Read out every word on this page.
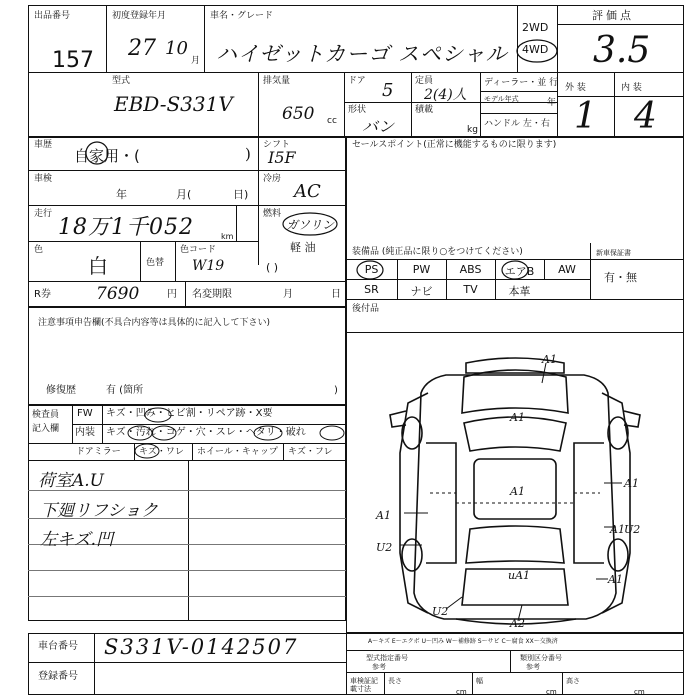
出品番号
157
初度登録年月
27 10
月
車名・グレード
ハイゼットカーゴ スペシャル
2WD
4WD
評価点
3.5
型式
EBD-S331V
排気量
650 cc
ドア 5 定員
2(4)人
ディーラー・並 行
モデル年式	年
形状
バン
積載
kg
ハンドル 左・右
外 装	内 装
1 4
車歴
自家用・(	) シフト
I5F
車検
年	月(	日)
冷房
AC
走行
18万1千052	km
燃料
ガソリン
軽 油
( )
色
白	色替
色コード
W19
R券	7690	円 名変期限	月	日
セールスポイント(正常に機能するものに限ります)
装備品 (純正品に限り○をつけてください)	新車保証書
PS	PW	ABS	エアB	AW
SR	ナビ	TV	本革
有・無
後付品
注意事項申告欄(不具合内容等は具体的に記入して下さい)
修復歴	有 (箇所	)
検査員
記入欄
FW キズ・凹み・ヒビ割・リペア跡・X要
内装 キズ・汚れ・コゲ・穴・スレ・ヘタリ・破れ
ドアミラー キズ・ワレ ホイール・キャップ キズ・フレ
荷室A.U
下廻リフショク
左キズ.凹
A1
A1
A1
A1
A1
A1
U2
U2
A1
uA1
U2
A2
A～キズ E～エクボ U～凹み W～補修跡 S～サビ C～腐食 XX～交換済
車台番号 S331V-0142507
登録番号
型式指定番号
参考
類別区分番号
参考
車検証記載寸法
長さ
cm
幅
cm
高さ
cm
